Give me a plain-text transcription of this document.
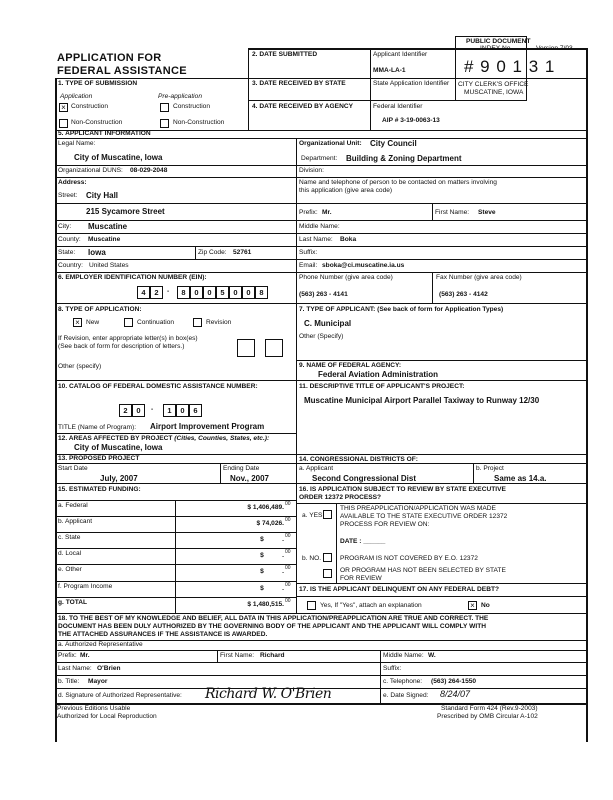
PUBLIC DOCUMENT
# 9 0 1 3 1
CITY CLERK'S OFFICE
MUSCATINE, IOWA
APPLICATION FOR
FEDERAL ASSISTANCE
2. DATE SUBMITTED	Applicant Identifier
MMA-LA-1
3. DATE RECEIVED BY STATE	State Application Identifier
4. DATE RECEIVED BY AGENCY	Federal Identifier
AIP # 3-19-0063-13
1. TYPE OF SUBMISSION
Application	Pre-application
× Construction
Non-Construction
Construction
Non-Construction
5. APPLICANT INFORMATION
Legal Name:
City of Muscatine, Iowa
Organizational DUNS: 08-029-2048
Address:
Street: City Hall
215 Sycamore Street
City: Muscatine
County: Muscatine
State: Iowa	Zip Code: 52761
Country: United States
Organizational Unit: City Council
Department: Building & Zoning Department
Division:
Name and telephone of person to be contacted on matters involving
this application (give area code)
Prefix: Mr.	First Name: Steve
Middle Name:
Last Name: Boka
Suffix:
Email: sboka@ci.muscatine.ia.us
Phone Number (give area code)
(563) 263 - 4141
Fax Number (give area code)
(563) 263 - 4142
6. EMPLOYER IDENTIFICATION NUMBER (EIN):
4	2	-	8	0	0	5	0	0	8
8. TYPE OF APPLICATION:
× New	Continuation	Revision
If Revision, enter appropriate letter(s) in box(es)
(See back of form for description of letters.)
Other (specify)
7. TYPE OF APPLICANT: (See back of form for Application Types)
C. Municipal
Other (Specify)
9. NAME OF FEDERAL AGENCY:
Federal Aviation Administration
10. CATALOG OF FEDERAL DOMESTIC ASSISTANCE NUMBER:
2	0	-	1	0	6
TITLE (Name of Program): Airport Improvement Program
11. DESCRIPTIVE TITLE OF APPLICANT'S PROJECT:
Muscatine Municipal Airport Parallel Taxiway to Runway 12/30
12. AREAS AFFECTED BY PROJECT (Cities, Counties, States, etc.):
City of Muscatine, Iowa
13. PROPOSED PROJECT	14. CONGRESSIONAL DISTRICTS OF:
Start Date
July, 2007
Ending Date
Nov., 2007
a. Applicant
Second Congressional Dist
b. Project
Same as 14.a.
15. ESTIMATED FUNDING:
a. Federal	$ 1,406,489. 00
b. Applicant	$ 74,026. 00
c. State	$          . 00
d. Local	$          . 00
e. Other	$          . 00
f. Program Income	$          . 00
g. TOTAL	$ 1,480,515. 00
16. IS APPLICATION SUBJECT TO REVIEW BY STATE EXECUTIVE
ORDER 12372 PROCESS?
a. YES
THIS PREAPPLICATION/APPLICATION WAS MADE
AVAILABLE TO THE STATE EXECUTIVE ORDER 12372
PROCESS FOR REVIEW ON:
DATE : ______
b. NO.	PROGRAM IS NOT COVERED BY E.O. 12372
OR PROGRAM HAS NOT BEEN SELECTED BY STATE
FOR REVIEW
17. IS THE APPLICANT DELINQUENT ON ANY FEDERAL DEBT?
Yes, If "Yes", attach an explanation	× No
18. TO THE BEST OF MY KNOWLEDGE AND BELIEF, ALL DATA IN THIS APPLICATION/PREAPPLICATION ARE TRUE AND CORRECT. THE
DOCUMENT HAS BEEN DULY AUTHORIZED BY THE GOVERNING BODY OF THE APPLICANT AND THE APPLICANT WILL COMPLY WITH
THE ATTACHED ASSURANCES IF THE ASSISTANCE IS AWARDED.
a. Authorized Representative
Prefix: Mr.	First Name: Richard	Middle Name: W.
Last Name: O'Brien	Suffix:
b. Title: Mayor	c. Telephone: (563) 264-1550
d. Signature of Authorized Representative: Richard W. O'Brien	e. Date Signed: 8/24/07
Previous Editions Usable
Authorized for Local Reproduction
Standard Form 424 (Rev.9-2003)
Prescribed by OMB Circular A-102
